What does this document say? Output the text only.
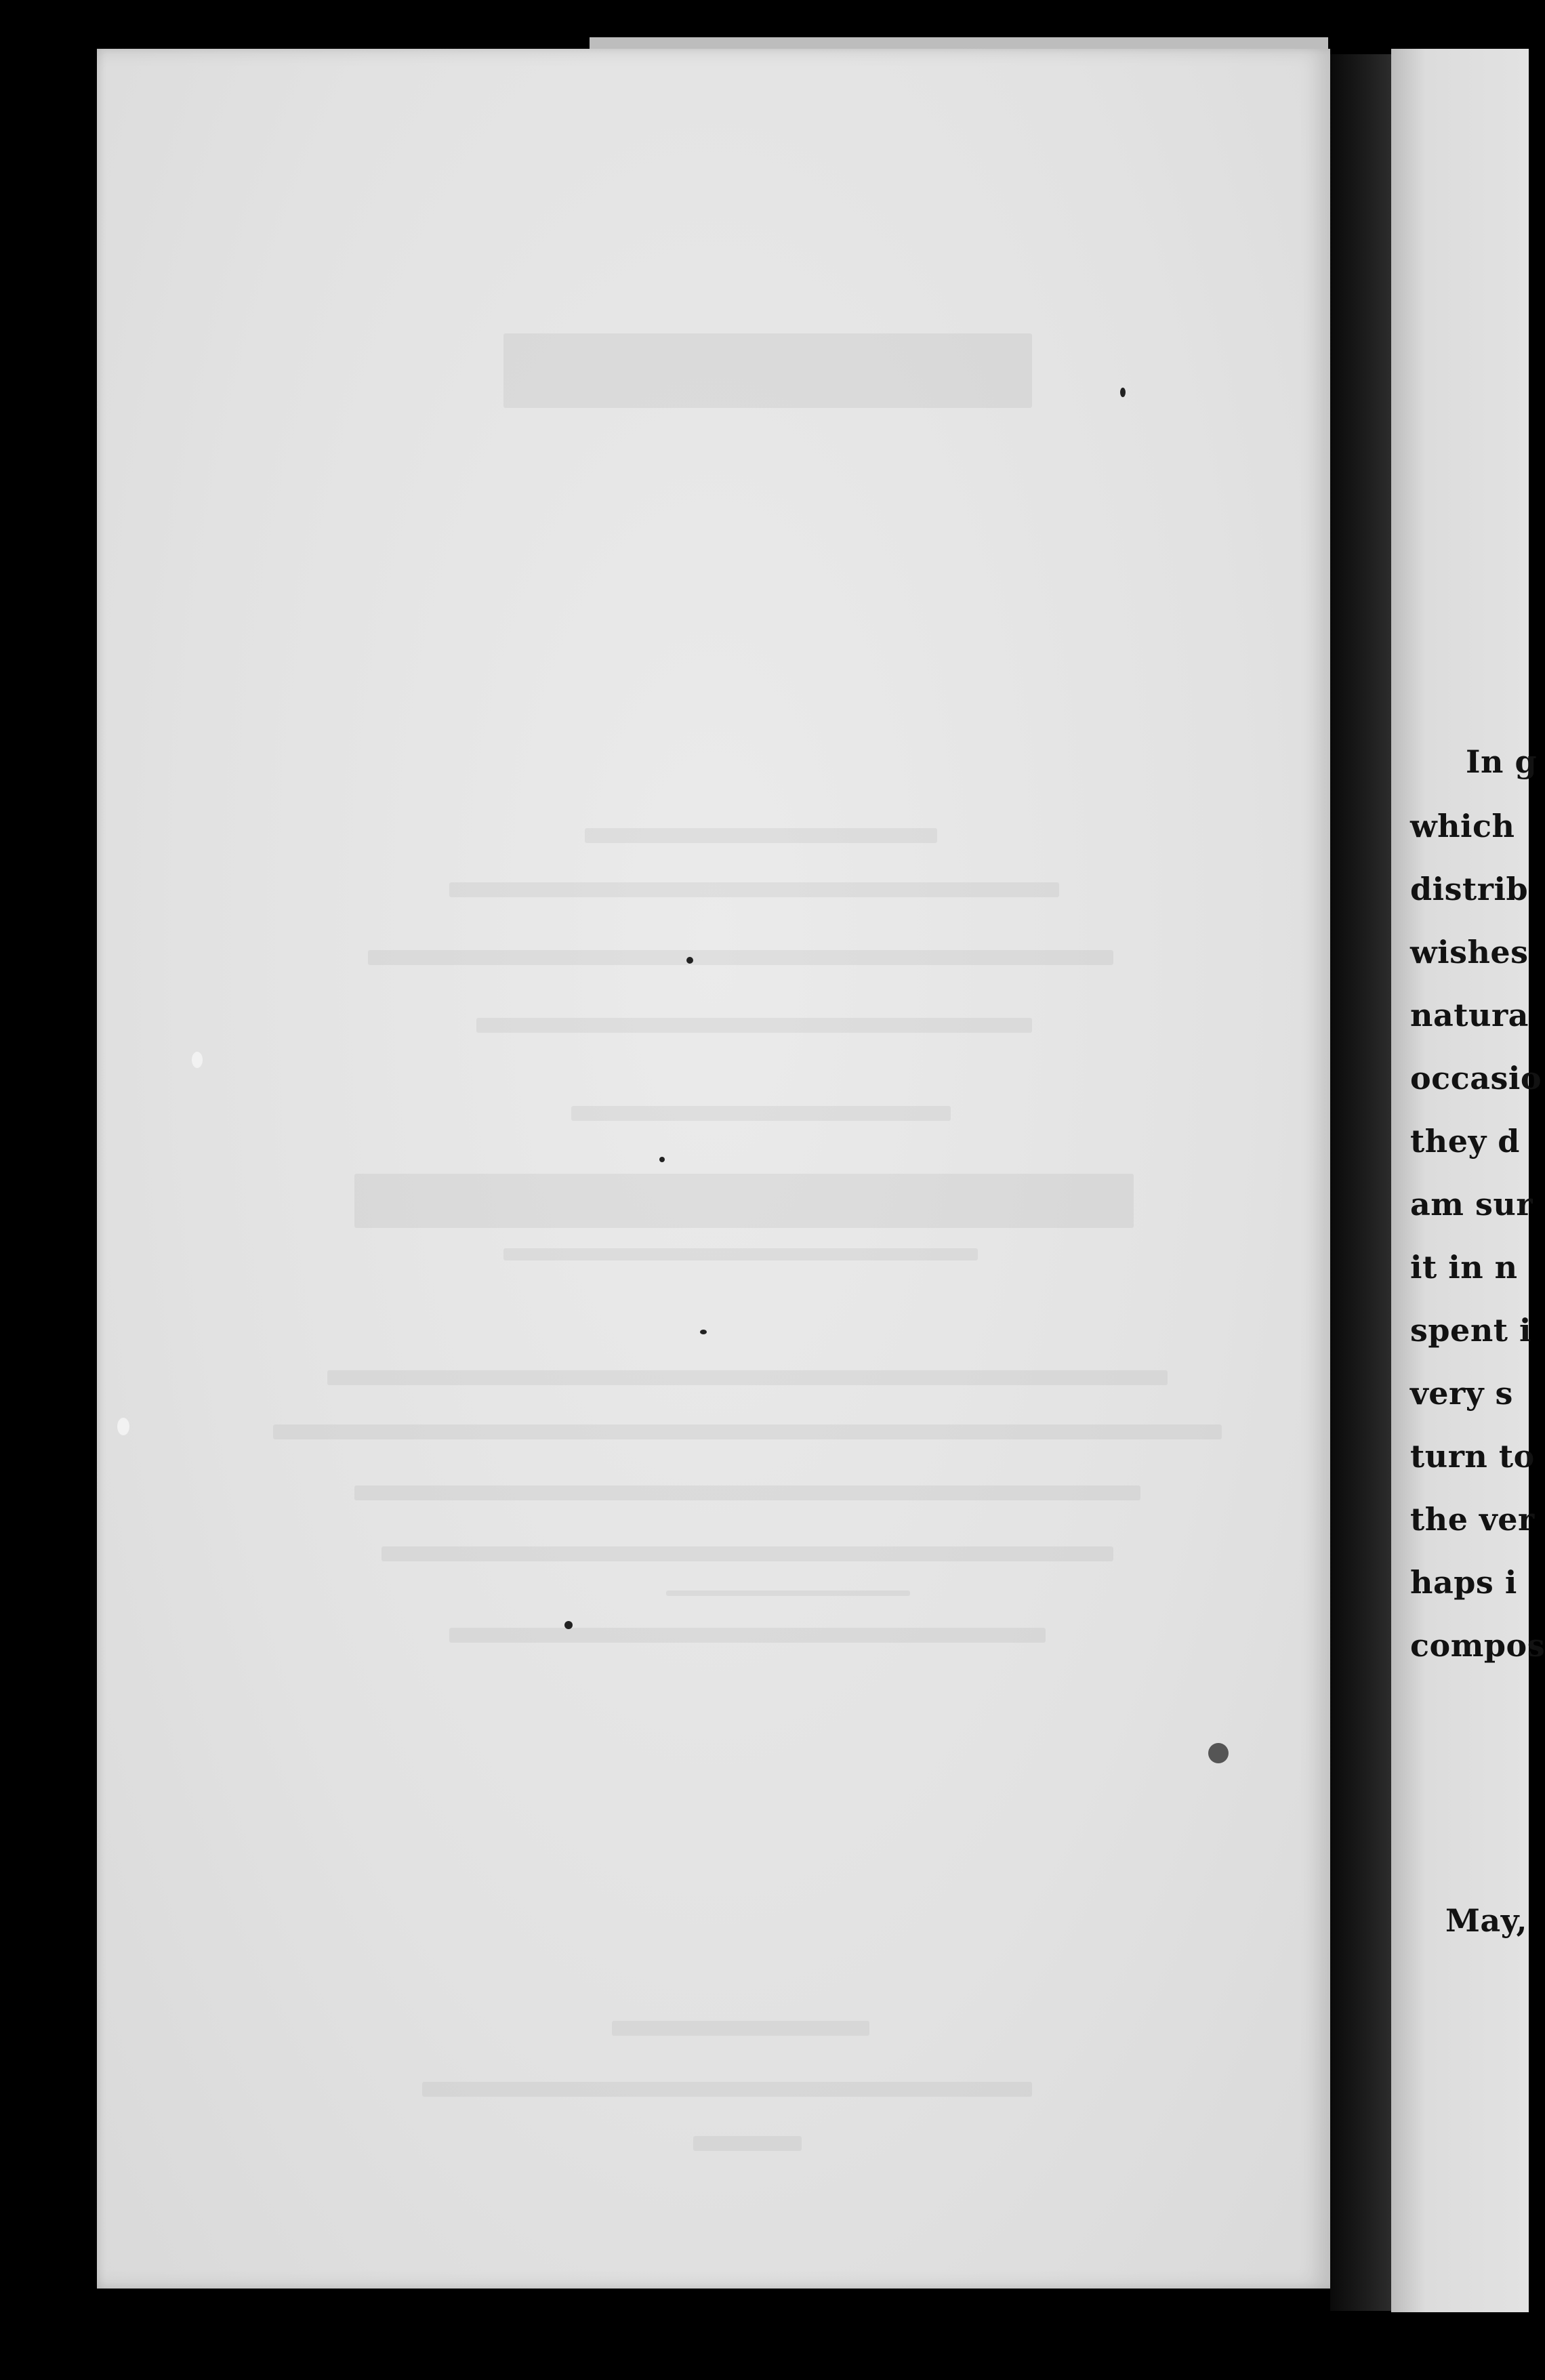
In g
which
distrib
wishes
natura
occasio
they d
am sur
it in n
spent i
very s
turn to
the ver
haps i
compos
May,
